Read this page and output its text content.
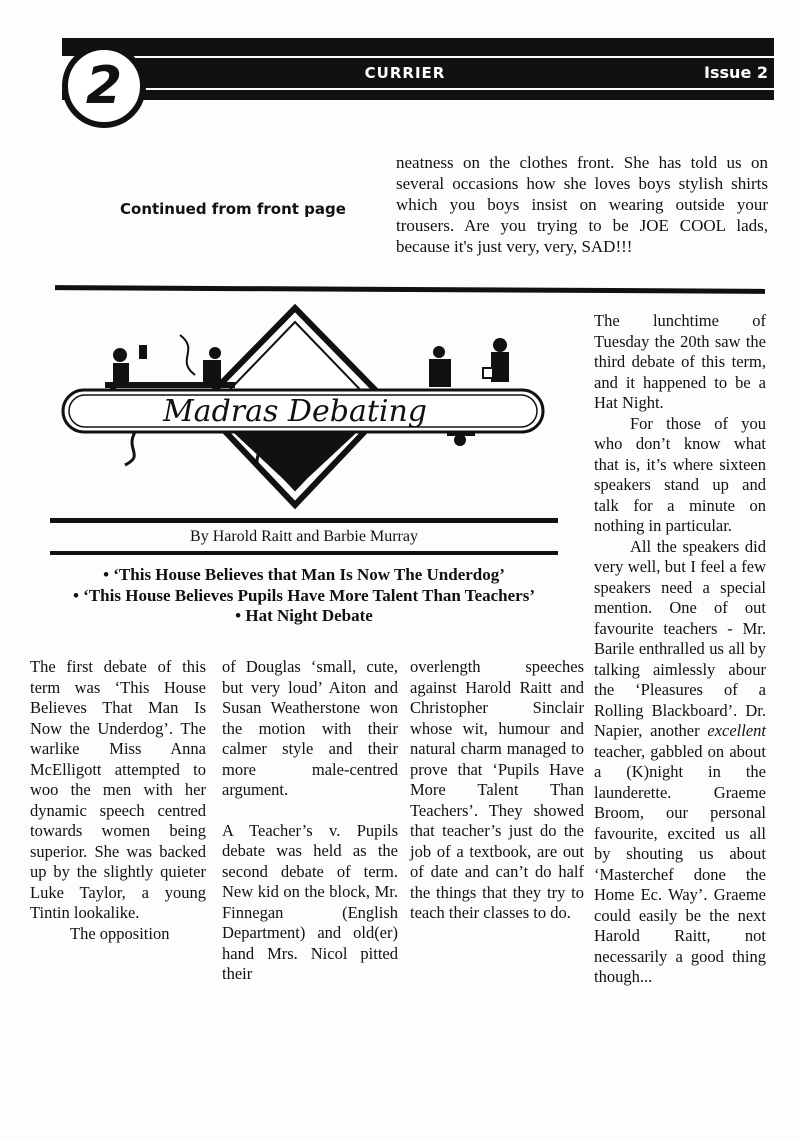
2	CURRIER	Issue 2
Continued from front page
neatness on the clothes front. She has told us on several occasions how she loves boys stylish shirts which you boys insist on wearing outside your trousers. Are you trying to be JOE COOL lads, because it's just very, very, SAD!!!
Madras Debating
By Harold Raitt and Barbie Murray
• ‘This House Believes that Man Is Now The Underdog’
• ‘This House Believes Pupils Have More Talent Than Teachers’
• Hat Night Debate
The first debate of this term was ‘This House Believes That Man Is Now the Underdog’. The warlike Miss Anna McElligott attempted to woo the men with her dynamic speech centred towards women being superior. She was backed up by the slightly quieter Luke Taylor, a young Tintin lookalike.
The opposition
of Douglas ‘small, cute, but very loud’ Aiton and Susan Weatherstone won the motion with their calmer style and their more male-centred argument.
A Teacher’s v. Pupils debate was held as the second debate of term. New kid on the block, Mr. Finnegan (English Department) and old(er) hand Mrs. Nicol pitted their
overlength speeches against Harold Raitt and Christopher Sinclair whose wit, humour and natural charm managed to prove that ‘Pupils Have More Talent Than Teachers’. They showed that teacher’s just do the job of a textbook, are out of date and can’t do half the things that they try to teach their classes to do.
The lunchtime of Tuesday the 20th saw the third debate of this term, and it happened to be a Hat Night.
For those of you who don’t know what that is, it’s where sixteen speakers stand up and talk for a minute on nothing in particular.
All the speakers did very well, but I feel a few speakers need a special mention. One of out favourite teachers - Mr. Barile enthralled us all by talking aimlessly abour the ‘Pleasures of a Rolling Blackboard’. Dr. Napier, another excellent teacher, gabbled on about a (K)night in the launderette. Graeme Broom, our personal favourite, excited us all by shouting us about ‘Masterchef done the Home Ec. Way’. Graeme could easily be the next Harold Raitt, not necessarily a good thing though...
